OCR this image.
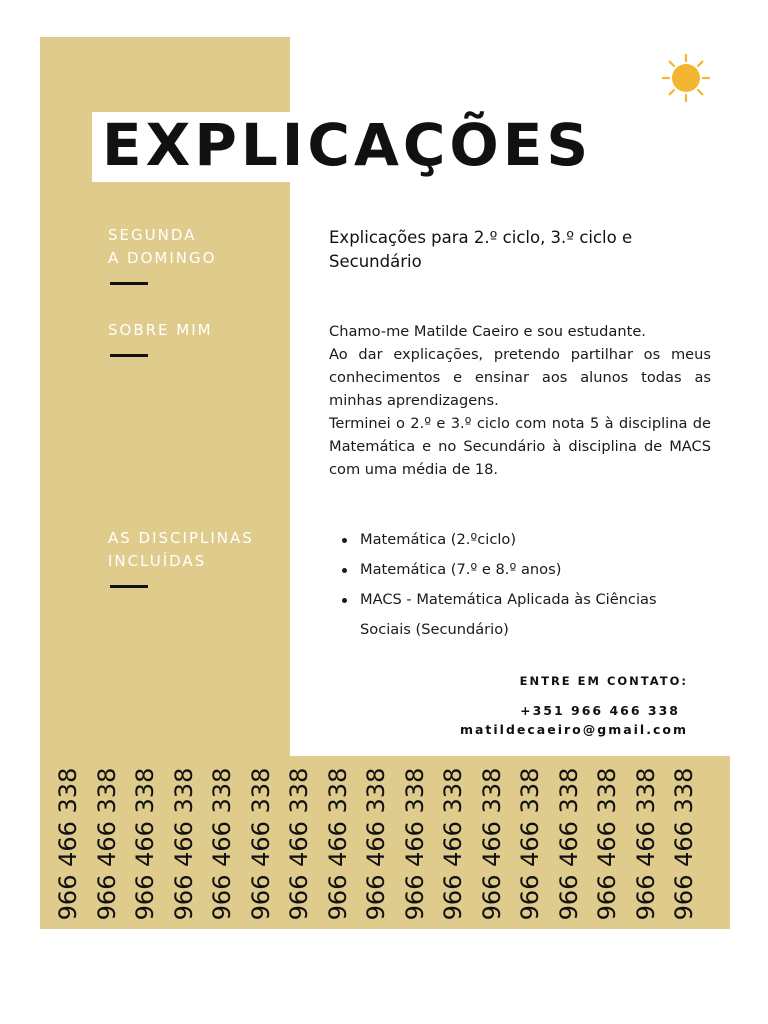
EXPLICAÇÕES
SEGUNDA
A DOMINGO
SOBRE MIM
AS DISCIPLINAS
INCLUÍDAS
Explicações para 2.º ciclo, 3.º ciclo e Secundário

Chamo-me Matilde Caeiro e sou estudante.

Ao dar explicações, pretendo partilhar os meus conhecimentos e ensinar aos alunos todas as minhas aprendizagens.

Terminei o 2.º e 3.º ciclo com nota 5 à disciplina de Matemática e no Secundário à disciplina de MACS com uma média de 18.

Matemática (2.ºciclo)
Matemática (7.º e 8.º anos)
MACS - Matemática Aplicada às Ciências Sociais (Secundário)
ENTRE EM CONTATO:
+351 966 466 338
matildecaeiro@gmail.com
966 466 338 966 466 338 966 466 338 966 466 338 966 466 338 966 466 338 966 466 338 966 466 338 966 466 338 966 466 338 966 466 338 966 466 338 966 466 338 966 466 338 966 466 338 966 466 338 966 466 338
